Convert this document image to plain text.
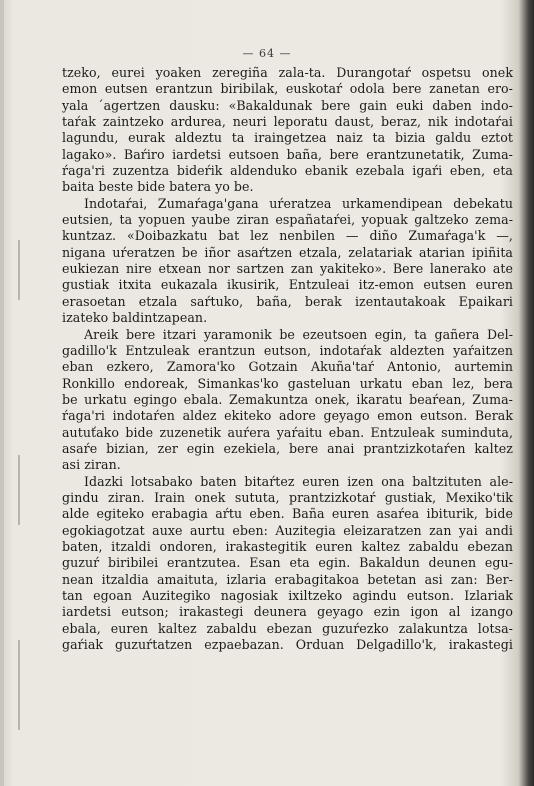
— 64 —
tzeko, eurei yoaken zeregiña zala-ta. Durangotaŕ ospetsu onek
emon eutsen erantzun biribilak, euskotaŕ odola bere zanetan ero-
yala ´agertzen dausku: «Bakaldunak bere gain euki daben indo-
taŕak zaintzeko ardurea, neuri leporatu daust, beraz, nik indotaŕai
lagundu, eurak aldeztu ta iraingetzea naiz ta bizia galdu eztot
lagako». Baŕiro iardetsi eutsoen baña, bere erantzunetatik, Zuma-
ŕaga'ri zuzentza bideŕik aldenduko ebanik ezebala igaŕi eben, eta
baita beste bide batera yo be.
Indotaŕai, Zumaŕaga'gana uŕeratzea urkamendipean debekatu
eutsien, ta yopuen yaube ziran españataŕei, yopuak galtzeko zema-
kuntzaz. «Doibazkatu bat lez nenbilen — diño Zumaŕaga'k —,
nigana uŕeratzen be iñor asaŕtzen etzala, zelatariak atarian ipiñita
eukiezan nire etxean nor sartzen zan yakiteko». Bere lanerako ate
gustiak itxita eukazala ikusirik, Entzuleai itz-emon eutsen euren
erasoetan etzala saŕtuko, baña, berak izentautakoak Epaikari
izateko baldintzapean.
Areik bere itzari yaramonik be ezeutsoen egin, ta gañera Del-
gadillo'k Entzuleak erantzun eutson, indotaŕak aldezten yaŕaitzen
eban ezkero, Zamora'ko Gotzain Akuña'taŕ Antonio, aurtemin
Ronkillo endoreak, Simankas'ko gasteluan urkatu eban lez, bera
be urkatu egingo ebala. Zemakuntza onek, ikaratu beaŕean, Zuma-
ŕaga'ri indotaŕen aldez ekiteko adore geyago emon eutson. Berak
autuťako bide zuzenetik auŕera yaŕaitu eban. Entzuleak suminduta,
asaŕe bizian, zer egin ezekiela, bere anai prantzizkotaŕen kaltez
asi ziran.
Idazki lotsabako baten bitaŕtez euren izen ona baltzituten ale-
gindu ziran. Irain onek sututa, prantzizkotaŕ gustiak, Mexiko'tik
alde egiteko erabagia aŕtu eben. Baña euren asaŕea ibiturik, bide
egokiagotzat auxe aurtu eben: Auzitegia eleizaratzen zan yai andi
baten, itzaldi ondoren, irakastegitik euren kaltez zabaldu ebezan
guzuŕ biribilei erantzutea. Esan eta egin. Bakaldun deunen egu-
nean itzaldia amaituta, izlaria erabagitakoa betetan asi zan: Ber-
tan egoan Auzitegiko nagosiak ixiltzeko agindu eutson. Izlariak
iardetsi eutson; irakastegi deunera geyago ezin igon al izango
ebala, euren kaltez zabaldu ebezan guzuŕezko zalakuntza lotsa-
gaŕiak guzuŕtatzen ezpaebazan. Orduan Delgadillo'k, irakastegi
